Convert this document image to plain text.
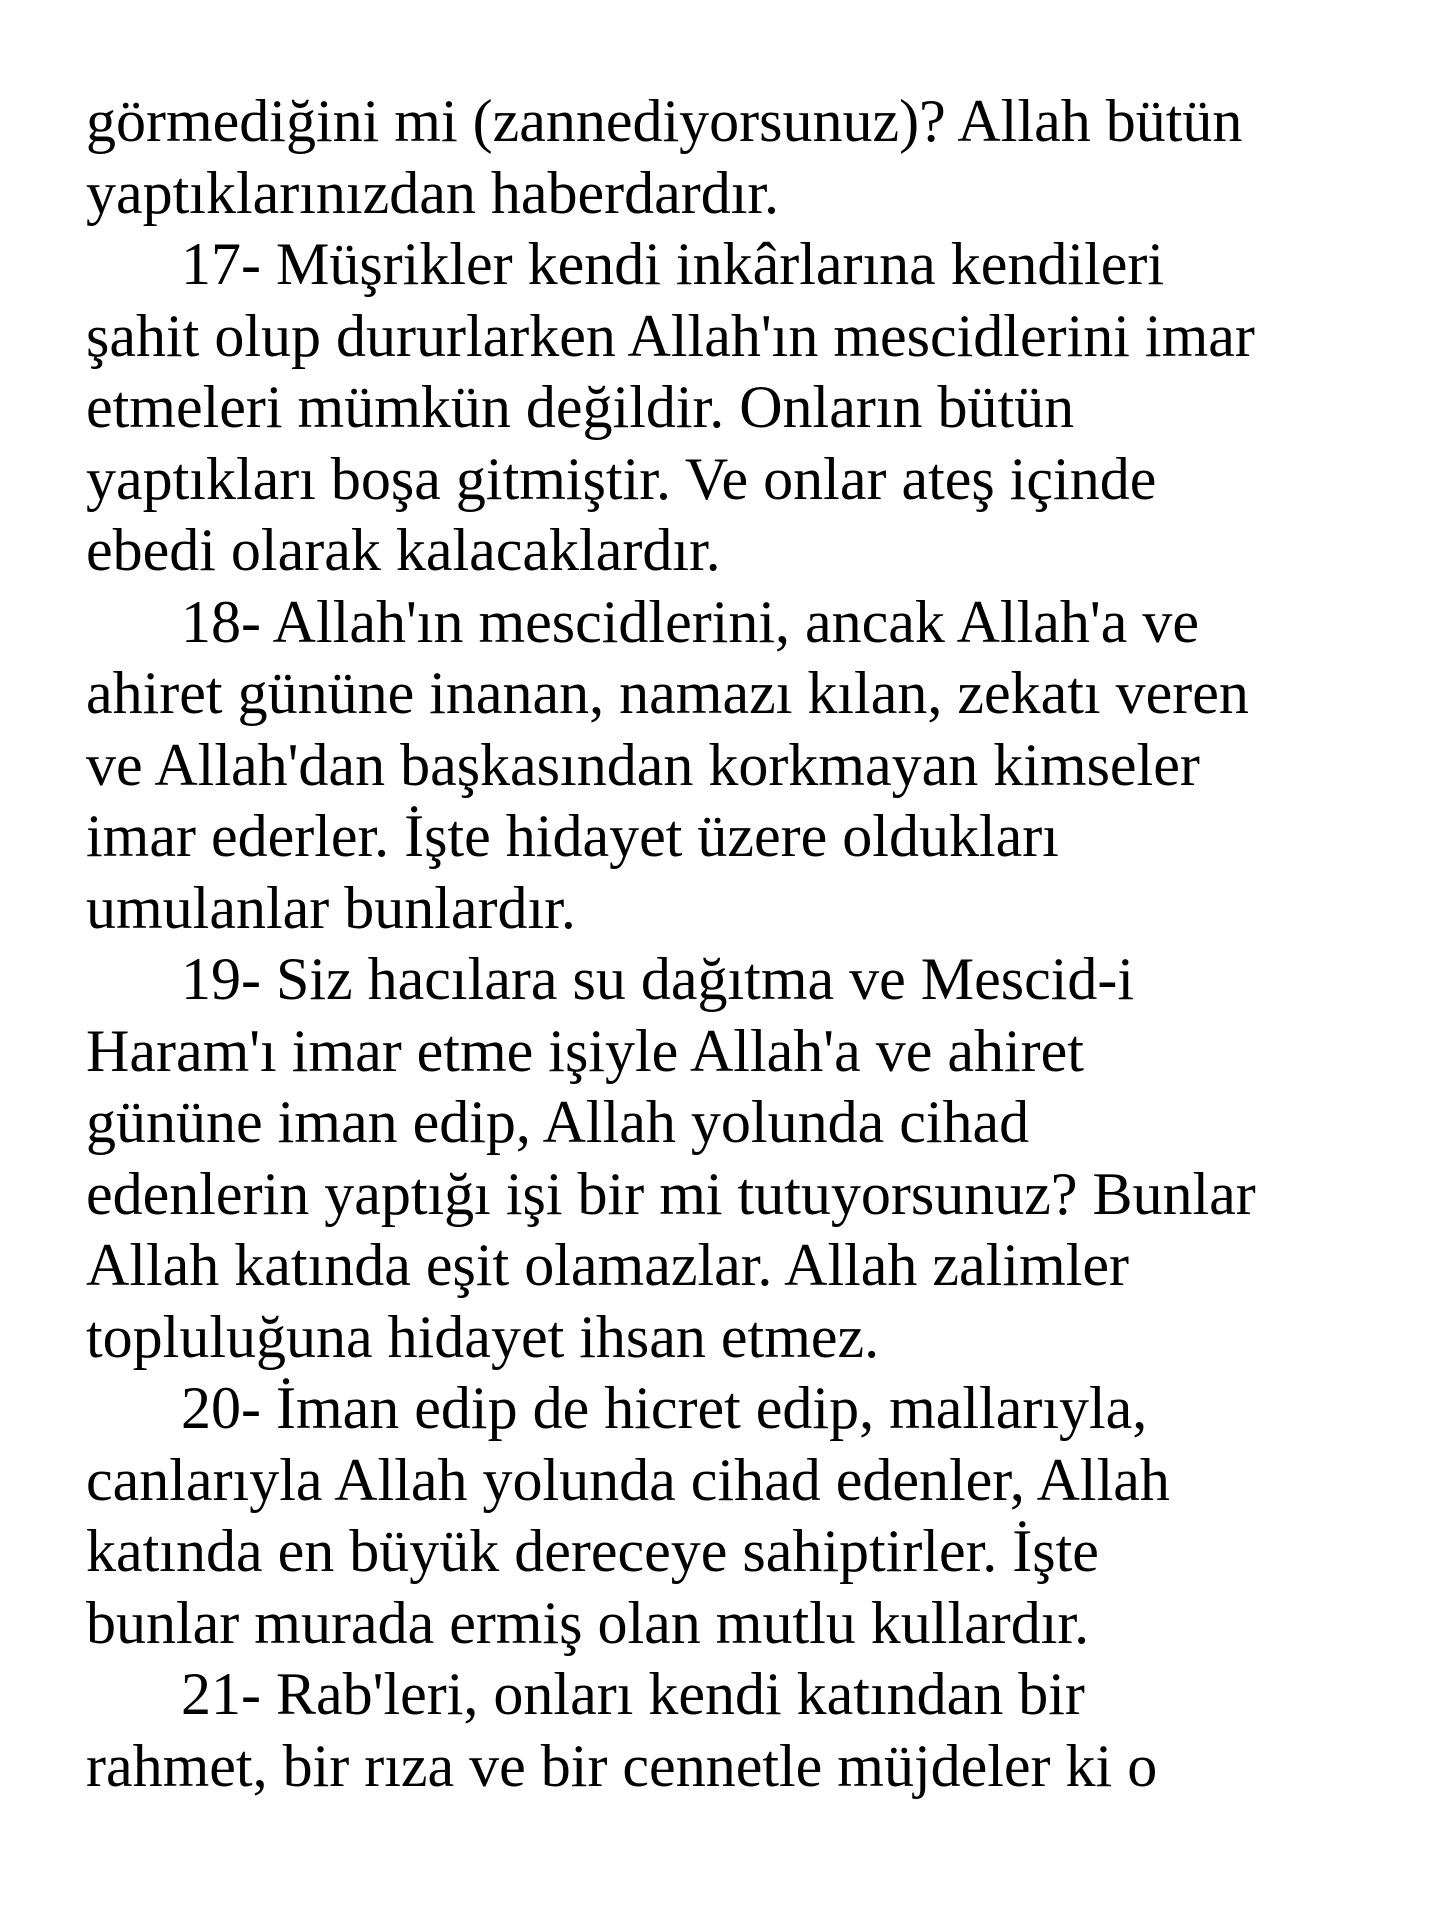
görmediğini mi (zannediyorsunuz)? Allah bütün
yaptıklarınızdan haberdardır.
17- Müşrikler kendi inkârlarına kendileri
şahit olup dururlarken Allah'ın mescidlerini imar
etmeleri mümkün değildir. Onların bütün
yaptıkları boşa gitmiştir. Ve onlar ateş içinde
ebedi olarak kalacaklardır.
18- Allah'ın mescidlerini, ancak Allah'a ve
ahiret gününe inanan, namazı kılan, zekatı veren
ve Allah'dan başkasından korkmayan kimseler
imar ederler. İşte hidayet üzere oldukları
umulanlar bunlardır.
19- Siz hacılara su dağıtma ve Mescid-i
Haram'ı imar etme işiyle Allah'a ve ahiret
gününe iman edip, Allah yolunda cihad
edenlerin yaptığı işi bir mi tutuyorsunuz? Bunlar
Allah katında eşit olamazlar. Allah zalimler
topluluğuna hidayet ihsan etmez.
20- İman edip de hicret edip, mallarıyla,
canlarıyla Allah yolunda cihad edenler, Allah
katında en büyük dereceye sahiptirler. İşte
bunlar murada ermiş olan mutlu kullardır.
21- Rab'leri, onları kendi katından bir
rahmet, bir rıza ve bir cennetle müjdeler ki o
